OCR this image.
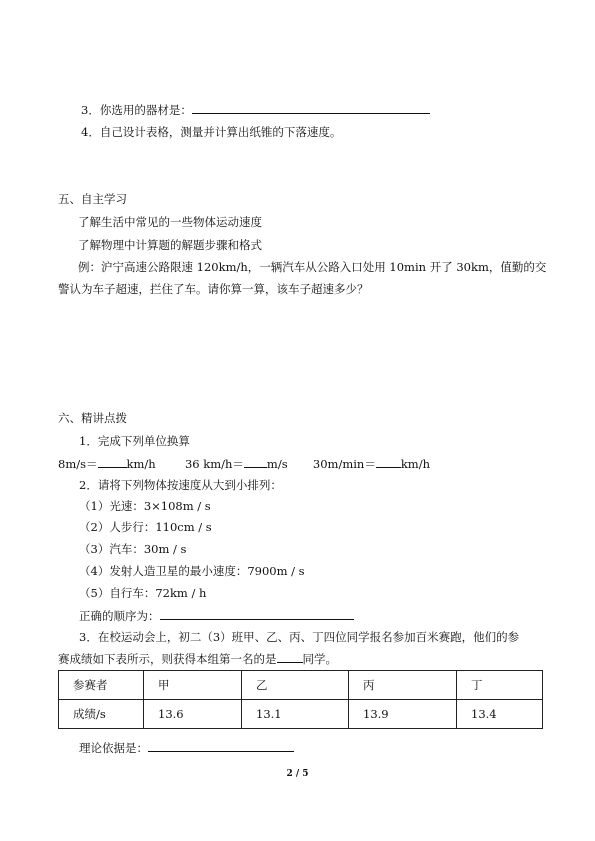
3．你选用的器材是：
4．自己设计表格，测量并计算出纸锥的下落速度。
五、自主学习
了解生活中常见的一些物体运动速度
了解物理中计算题的解题步骤和格式
例：沪宁高速公路限速 120km/h，一辆汽车从公路入口处用 10min 开了 30km，值勤的交
警认为车子超速，拦住了车。请你算一算，该车子超速多少？
六、精讲点拨
1．完成下列单位换算
8m/s＝	km/h	36 km/h＝ m/s 30m/min＝ km/h
2．请将下列物体按速度从大到小排列：
（1）光速：3×108m / s
（2）人步行：110cm / s
（3）汽车：30m / s
（4）发射人造卫星的最小速度：7900m / s
（5）自行车：72km / h
正确的顺序为：
3．在校运动会上，初二（3）班甲、乙、丙、丁四位同学报名参加百米赛跑，他们的参
赛成绩如下表所示，则获得本组第一名的是 同学。
参赛者	甲	乙	丙	丁
成绩/s	13.6	13.1	13.9	13.4
理论依据是：
2 / 5
